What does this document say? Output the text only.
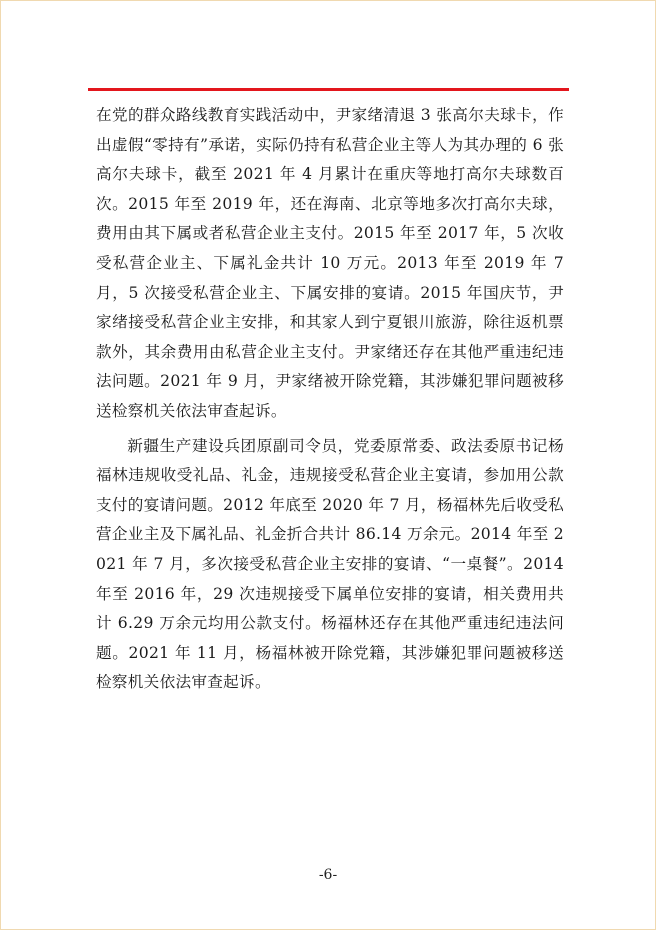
在党的群众路线教育实践活动中，尹家绪清退 3 张高尔夫球卡，作出虚假“零持有”承诺，实际仍持有私营企业主等人为其办理的 6 张高尔夫球卡，截至 2021 年 4 月累计在重庆等地打高尔夫球数百次。2015 年至 2019 年，还在海南、北京等地多次打高尔夫球，费用由其下属或者私营企业主支付。2015 年至 2017 年，5 次收受私营企业主、下属礼金共计 10 万元。2013 年至 2019 年 7 月，5 次接受私营企业主、下属安排的宴请。2015 年国庆节，尹家绪接受私营企业主安排，和其家人到宁夏银川旅游，除往返机票款外，其余费用由私营企业主支付。尹家绪还存在其他严重违纪违法问题。2021 年 9 月，尹家绪被开除党籍，其涉嫌犯罪问题被移送检察机关依法审查起诉。

新疆生产建设兵团原副司令员，党委原常委、政法委原书记杨福林违规收受礼品、礼金，违规接受私营企业主宴请，参加用公款支付的宴请问题。2012 年底至 2020 年 7 月，杨福林先后收受私营企业主及下属礼品、礼金折合共计 86.14 万余元。2014 年至 2021 年 7 月，多次接受私营企业主安排的宴请、“一桌餐”。2014 年至 2016 年，29 次违规接受下属单位安排的宴请，相关费用共计 6.29 万余元均用公款支付。杨福林还存在其他严重违纪违法问题。2021 年 11 月，杨福林被开除党籍，其涉嫌犯罪问题被移送检察机关依法审查起诉。

-6-
